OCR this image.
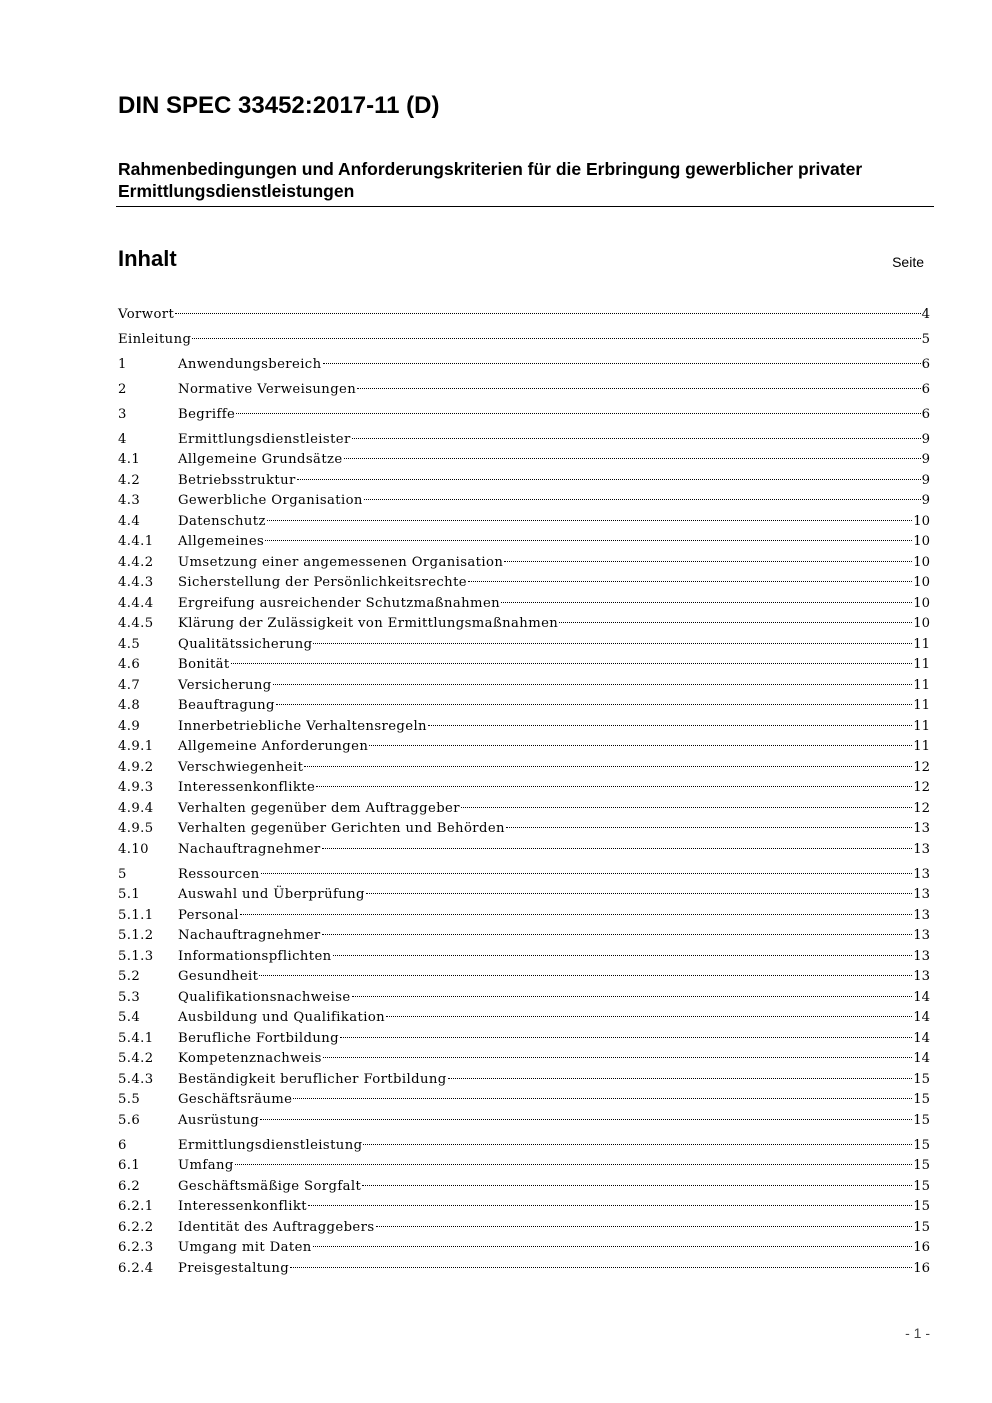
DIN SPEC 33452:2017-11 (D)

Rahmenbedingungen und Anforderungskriterien für die Erbringung gewerblicher privater Ermittlungsdienstleistungen

Inhalt	Seite
Vorwort	4
Einleitung	5
1	Anwendungsbereich	6
2	Normative Verweisungen	6
3	Begriffe	6
4	Ermittlungsdienstleister	9
4.1	Allgemeine Grundsätze	9
4.2	Betriebsstruktur	9
4.3	Gewerbliche Organisation	9
4.4	Datenschutz	10
4.4.1	Allgemeines	10
4.4.2	Umsetzung einer angemessenen Organisation	10
4.4.3	Sicherstellung der Persönlichkeitsrechte	10
4.4.4	Ergreifung ausreichender Schutzmaßnahmen	10
4.4.5	Klärung der Zulässigkeit von Ermittlungsmaßnahmen	10
4.5	Qualitätssicherung	11
4.6	Bonität	11
4.7	Versicherung	11
4.8	Beauftragung	11
4.9	Innerbetriebliche Verhaltensregeln	11
4.9.1	Allgemeine Anforderungen	11
4.9.2	Verschwiegenheit	12
4.9.3	Interessenkonflikte	12
4.9.4	Verhalten gegenüber dem Auftraggeber	12
4.9.5	Verhalten gegenüber Gerichten und Behörden	13
4.10	Nachauftragnehmer	13
5	Ressourcen	13
5.1	Auswahl und Überprüfung	13
5.1.1	Personal	13
5.1.2	Nachauftragnehmer	13
5.1.3	Informationspflichten	13
5.2	Gesundheit	13
5.3	Qualifikationsnachweise	14
5.4	Ausbildung und Qualifikation	14
5.4.1	Berufliche Fortbildung	14
5.4.2	Kompetenznachweis	14
5.4.3	Beständigkeit beruflicher Fortbildung	15
5.5	Geschäftsräume	15
5.6	Ausrüstung	15
6	Ermittlungsdienstleistung	15
6.1	Umfang	15
6.2	Geschäftsmäßige Sorgfalt	15
6.2.1	Interessenkonflikt	15
6.2.2	Identität des Auftraggebers	15
6.2.3	Umgang mit Daten	16
6.2.4	Preisgestaltung	16
- 1 -
